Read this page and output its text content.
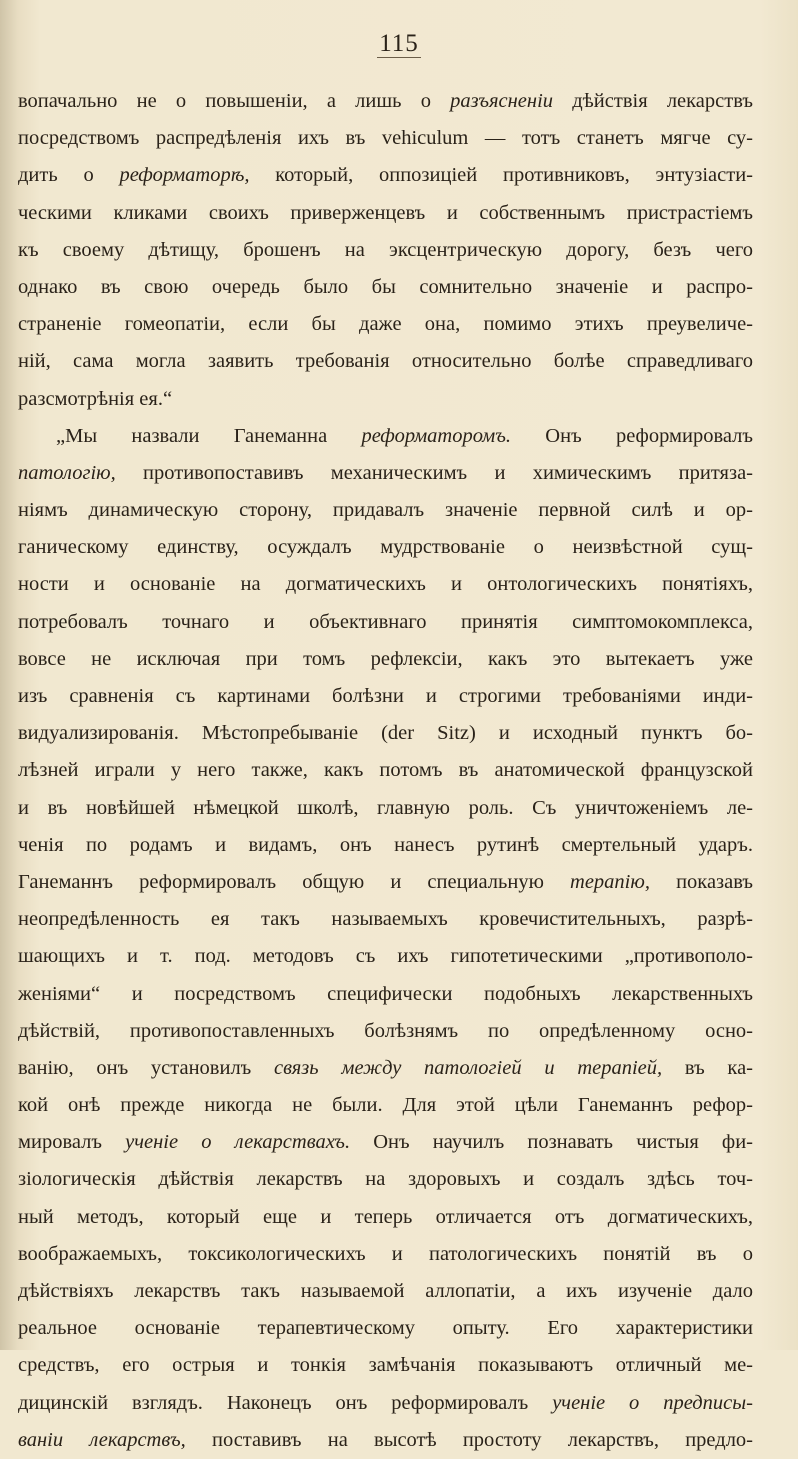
115
вопачально не о повышеніи, а лишь о разъясненіи дѣйствія лекарствъ
посредствомъ распредѣленія ихъ въ vehiculum — тотъ станетъ мягче су-
дить о реформаторѣ, который, оппозиціей противниковъ, энтузіасти-
ческими кликами своихъ приверженцевъ и собственнымъ пристрастіемъ
къ своему дѣтищу, брошенъ на эксцентрическую дорогу, безъ чего
однако въ свою очередь было бы сомнительно значеніе и распро-
страненіе гомеопатіи, если бы даже она, помимо этихъ преувеличе-
ній, сама могла заявить требованія относительно болѣе справедливаго
разсмотрѣнія ея.“
„Мы назвали Ганеманна реформаторомъ. Онъ реформировалъ
патологію, противопоставивъ механическимъ и химическимъ притяза-
ніямъ динамическую сторону, придавалъ значеніе первной силѣ и ор-
ганическому единству, осуждалъ мудрствованіе о неизвѣстной сущ-
ности и основаніе на догматическихъ и онтологическихъ понятіяхъ,
потребовалъ точнаго и объективнаго принятія симптомокомплекса,
вовсе не исключая при томъ рефлексіи, какъ это вытекаетъ уже
изъ сравненія съ картинами болѣзни и строгими требованіями инди-
видуализированія. Мѣстопребываніе (der Sitz) и исходный пунктъ бо-
лѣзней играли у него также, какъ потомъ въ анатомической французской
и въ новѣйшей нѣмецкой школѣ, главную роль. Съ уничтоженіемъ ле-
ченія по родамъ и видамъ, онъ нанесъ рутинѣ смертельный ударъ.
Ганеманнъ реформировалъ общую и специальную терапію, показавъ
неопредѣленность ея такъ называемыхъ кровечистительныхъ, разрѣ-
шающихъ и т. под. методовъ съ ихъ гипотетическими „противополо-
женіями“ и посредствомъ специфически подобныхъ лекарственныхъ
дѣйствій, противопоставленныхъ болѣзнямъ по опредѣленному осно-
ванію, онъ установилъ связь между патологіей и терапіей, въ ка-
кой онѣ прежде никогда не были. Для этой цѣли Ганеманнъ рефор-
мировалъ ученіе о лекарствахъ. Онъ научилъ познавать чистыя фи-
зіологическія дѣйствія лекарствъ на здоровыхъ и создалъ здѣсь точ-
ный методъ, который еще и теперь отличается отъ догматическихъ,
воображаемыхъ, токсикологическихъ и патологическихъ понятій въ о
дѣйствіяхъ лекарствъ такъ называемой аллопатіи, а ихъ изученіе дало
реальное основаніе терапевтическому опыту. Его характеристики
средствъ, его острыя и тонкія замѣчанія показываютъ отличный ме-
дицинскій взглядъ. Наконецъ онъ реформировалъ ученіе о предписы-
ваніи лекарствъ, поставивъ на высотѣ простоту лекарствъ, предло-
